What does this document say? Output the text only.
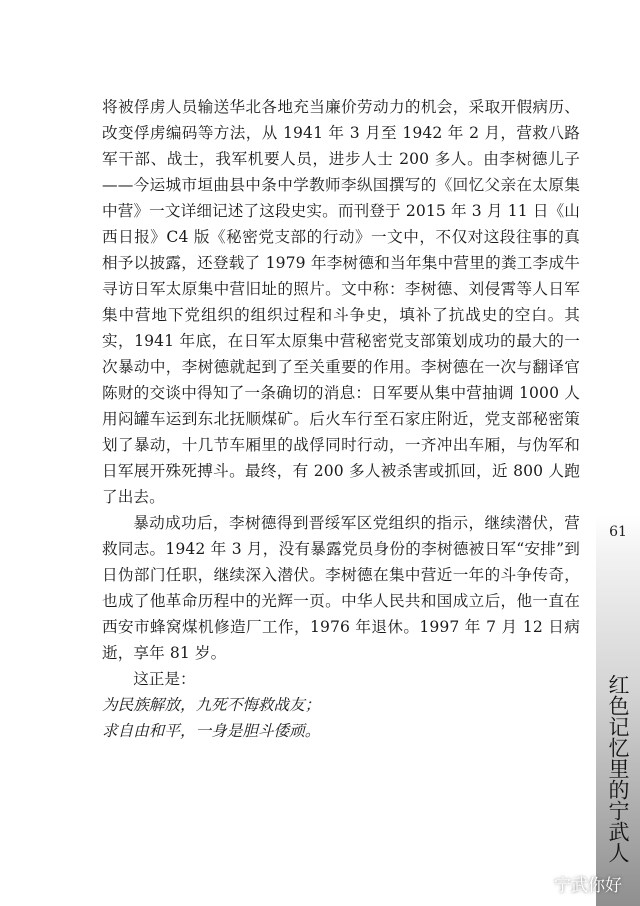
将被俘虏人员输送华北各地充当廉价劳动力的机会，采取开假病历、改变俘虏编码等方法，从 1941 年 3 月至 1942 年 2 月，营救八路军干部、战士，我军机要人员，进步人士 200 多人。由李树德儿子——今运城市垣曲县中条中学教师李纵国撰写的《回忆父亲在太原集中营》一文详细记述了这段史实。而刊登于 2015 年 3 月 11 日《山西日报》C4 版《秘密党支部的行动》一文中，不仅对这段往事的真相予以披露，还登载了 1979 年李树德和当年集中营里的粪工李成牛寻访日军太原集中营旧址的照片。文中称：李树德、刘侵霄等人日军集中营地下党组织的组织过程和斗争史，填补了抗战史的空白。其实，1941 年底，在日军太原集中营秘密党支部策划成功的最大的一次暴动中，李树德就起到了至关重要的作用。李树德在一次与翻译官陈财的交谈中得知了一条确切的消息：日军要从集中营抽调 1000 人用闷罐车运到东北抚顺煤矿。后火车行至石家庄附近，党支部秘密策划了暴动，十几节车厢里的战俘同时行动，一齐冲出车厢，与伪军和日军展开殊死搏斗。最终，有 200 多人被杀害或抓回，近 800 人跑了出去。

暴动成功后，李树德得到晋绥军区党组织的指示，继续潜伏，营救同志。1942 年 3 月，没有暴露党员身份的李树德被日军“安排”到日伪部门任职，继续深入潜伏。李树德在集中营近一年的斗争传奇，也成了他革命历程中的光辉一页。中华人民共和国成立后，他一直在西安市蜂窝煤机修造厂工作，1976 年退休。1997 年 7 月 12 日病逝，享年 81 岁。

这正是：

为民族解放，九死不悔救战友；

求自由和平，一身是胆斗倭顽。

61
红色记忆里的宁武人
宁武你好
